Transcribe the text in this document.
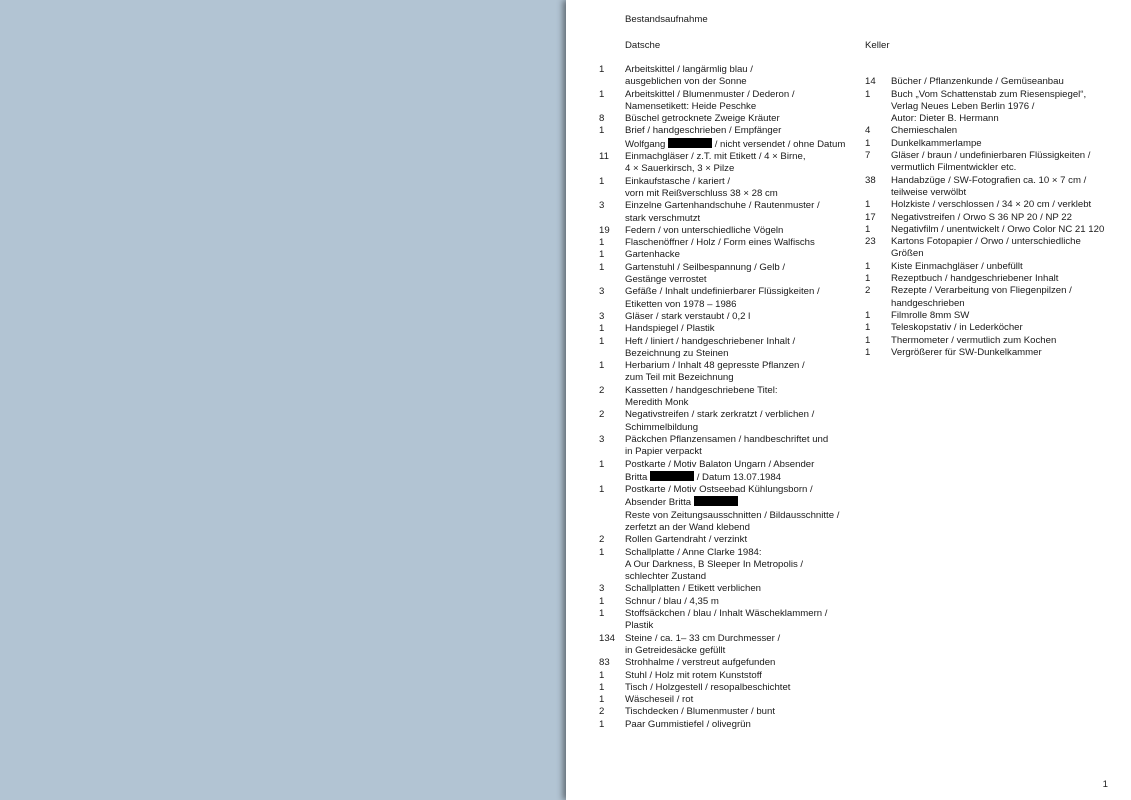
Bestandsaufnahme
Datsche	Keller
1	Arbeitskittel / langärmlig blau /
ausgeblichen von der Sonne
1	Arbeitskittel / Blumenmuster / Dederon /
Namensetikett: Heide Peschke
8	Büschel getrocknete Zweige Kräuter
1	Brief / handgeschrieben / Empfänger
Wolfgang	/ nicht versendet / ohne Datum
11	Einmachgläser / z.T. mit Etikett / 4 × Birne,
4 × Sauerkirsch, 3 × Pilze
1	Einkaufstasche / kariert /
vorn mit Reißverschluss 38 × 28 cm
3	Einzelne Gartenhandschuhe / Rautenmuster /
stark verschmutzt
19	Federn / von unterschiedliche Vögeln
1	Flaschenöffner / Holz / Form eines Walfischs
1	Gartenhacke
1	Gartenstuhl / Seilbespannung / Gelb /
Gestänge verrostet
3	Gefäße / Inhalt undefinierbarer Flüssigkeiten /
Etiketten von 1978 – 1986
3	Gläser / stark verstaubt / 0,2 l
1	Handspiegel / Plastik
1	Heft / liniert / handgeschriebener Inhalt /
Bezeichnung zu Steinen
1	Herbarium / Inhalt 48 gepresste Pflanzen /
zum Teil mit Bezeichnung
2	Kassetten / handgeschriebene Titel:
Meredith Monk
2	Negativstreifen / stark zerkratzt / verblichen /
Schimmelbildung
3	Päckchen Pflanzensamen / handbeschriftet und
in Papier verpackt
1	Postkarte / Motiv Balaton Ungarn / Absender
Britta	/ Datum 13.07.1984
1	Postkarte / Motiv Ostseebad Kühlungsborn /
Absender Britta
Reste von Zeitungsausschnitten / Bildausschnitte /
zerfetzt an der Wand klebend
2	Rollen Gartendraht / verzinkt
1	Schallplatte / Anne Clarke 1984:
A Our Darkness, B Sleeper In Metropolis /
schlechter Zustand
3	Schallplatten / Etikett verblichen
1	Schnur / blau / 4,35 m
1	Stoffsäckchen / blau / Inhalt Wäscheklammern /
Plastik
134	Steine / ca. 1– 33 cm Durchmesser /
in Getreidesäcke gefüllt
83	Strohhalme / verstreut aufgefunden
1	Stuhl / Holz mit rotem Kunststoff
1	Tisch / Holzgestell / resopalbeschichtet
1	Wäscheseil / rot
2	Tischdecken / Blumenmuster / bunt
1	Paar Gummistiefel / olivegrün

14	Bücher / Pflanzenkunde / Gemüseanbau
1	Buch „Vom Schattenstab zum Riesenspiegel“,
Verlag Neues Leben Berlin 1976 /
Autor: Dieter B. Hermann
4	Chemieschalen
1	Dunkelkammerlampe
7	Gläser / braun / undefinierbaren Flüssigkeiten /
vermutlich Filmentwickler etc.
38	Handabzüge / SW-Fotografien ca. 10 × 7 cm /
teilweise verwölbt
1	Holzkiste / verschlossen / 34 × 20 cm / verklebt
17	Negativstreifen / Orwo S 36 NP 20 / NP 22
1	Negativfilm / unentwickelt / Orwo Color NC 21 120
23	Kartons Fotopapier / Orwo / unterschiedliche
Größen
1	Kiste Einmachgläser / unbefüllt
1	Rezeptbuch / handgeschriebener Inhalt
2	Rezepte / Verarbeitung von Fliegenpilzen /
handgeschrieben
1	Filmrolle 8mm SW
1	Teleskopstativ / in Lederköcher
1	Thermometer / vermutlich zum Kochen
1	Vergrößerer für SW-Dunkelkammer
1
